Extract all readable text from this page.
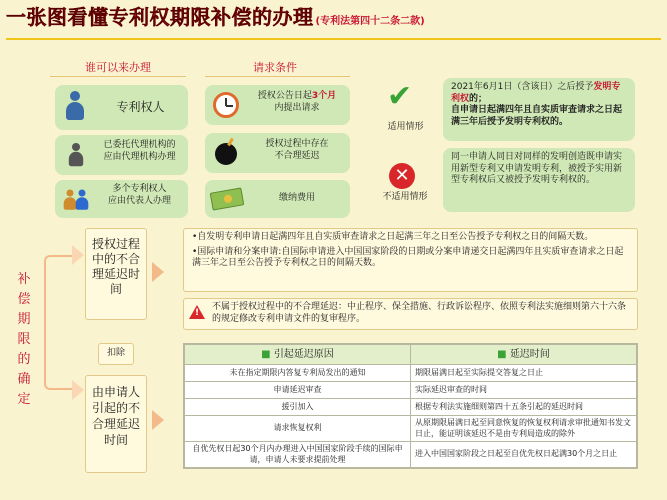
一张图看懂专利权期限补偿的办理 (专利法第四十二条二款)
谁可以来办理	请求条件
专利权人
已委托代理机构的
应由代理机构办理
多个专利权人
应由代表人办理
授权公告日起3个月
内提出请求
授权过程中存在
不合理延迟
缴纳费用
✔
适用情形
2021年6月1日（含该日）之后授予发明专利权的；
自申请日起满四年且自实质审查请求之日起满三年后授予发明专利权的。
✕
不适用情形
同一申请人同日对同样的发明创造既申请实用新型专利又申请发明专利，被授予实用新型专利权后又被授予发明专利权的。
补
偿
期
限
的
确
定
授权过程
中的不合
理延迟时
间
•自发明专利申请日起满四年且自实质审查请求之日起满三年之日至公告授予专利权之日的间隔天数。
•国际申请和分案申请:自国际申请进入中国国家阶段的日期或分案申请递交日起满四年且实质审查请求之日起满三年之日至公告授予专利权之日的间隔天数。
!
不属于授权过程中的不合理延迟：中止程序、保全措施、行政诉讼程序、依照专利法实施细则第六十六条的规定修改专利申请文件的复审程序。
扣除
由申请人
引起的不
合理延迟
时间
■ 引起延迟原因	■ 延迟时间
未在指定期限内答复专利局发出的通知	期限届满日起至实际提交答复之日止
申请延迟审查	实际延迟审查的时间
援引加入	根据专利法实施细则第四十五条引起的延迟时间
请求恢复权利	从原期限届满日起至同意恢复的恢复权利请求审批通知书发文日止，能证明该延迟不是由专利局造成的除外
自优先权日起30个月内办理进入中国国家阶段手续的国际申请，申请人未要求提前处理	进入中国国家阶段之日起至自优先权日起满30个月之日止
